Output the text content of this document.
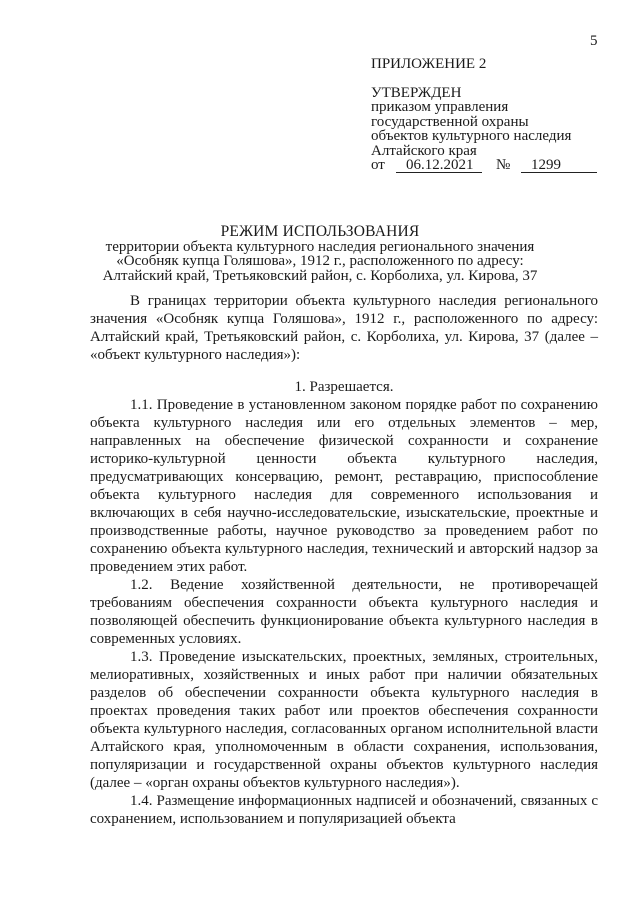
5
ПРИЛОЖЕНИЕ 2
УТВЕРЖДЕН
приказом управления
государственной охраны
объектов культурного наследия
Алтайского края
от	06.12.2021	№	1299
РЕЖИМ ИСПОЛЬЗОВАНИЯ
территории объекта культурного наследия регионального значения
«Особняк купца Голяшова», 1912 г., расположенного по адресу:
Алтайский край, Третьяковский район, с. Корболиха, ул. Кирова, 37

В границах территории объекта культурного наследия регионального значения «Особняк купца Голяшова», 1912 г., расположенного по адресу: Алтайский край, Третьяковский район, с. Корболиха, ул. Кирова, 37 (далее – «объект культурного наследия»):

1. Разрешается.

1.1. Проведение в установленном законом порядке работ по сохранению объекта культурного наследия или его отдельных элементов – мер, направленных на обеспечение физической сохранности и сохранение историко-культурной ценности объекта культурного наследия, предусматривающих консервацию, ремонт, реставрацию, приспособление объекта культурного наследия для современного использования и включающих в себя научно-исследовательские, изыскательские, проектные и производственные работы, научное руководство за проведением работ по сохранению объекта культурного наследия, технический и авторский надзор за проведением этих работ.

1.2. Ведение хозяйственной деятельности, не противоречащей требованиям обеспечения сохранности объекта культурного наследия и позволяющей обеспечить функционирование объекта культурного наследия в современных условиях.

1.3. Проведение изыскательских, проектных, земляных, строительных, мелиоративных, хозяйственных и иных работ при наличии обязательных разделов об обеспечении сохранности объекта культурного наследия в проектах проведения таких работ или проектов обеспечения сохранности объекта культурного наследия, согласованных органом исполнительной власти Алтайского края, уполномоченным в области сохранения, использования, популяризации и государственной охраны объектов культурного наследия (далее – «орган охраны объектов культурного наследия»).

1.4. Размещение информационных надписей и обозначений, связанных с сохранением, использованием и популяризацией объекта
